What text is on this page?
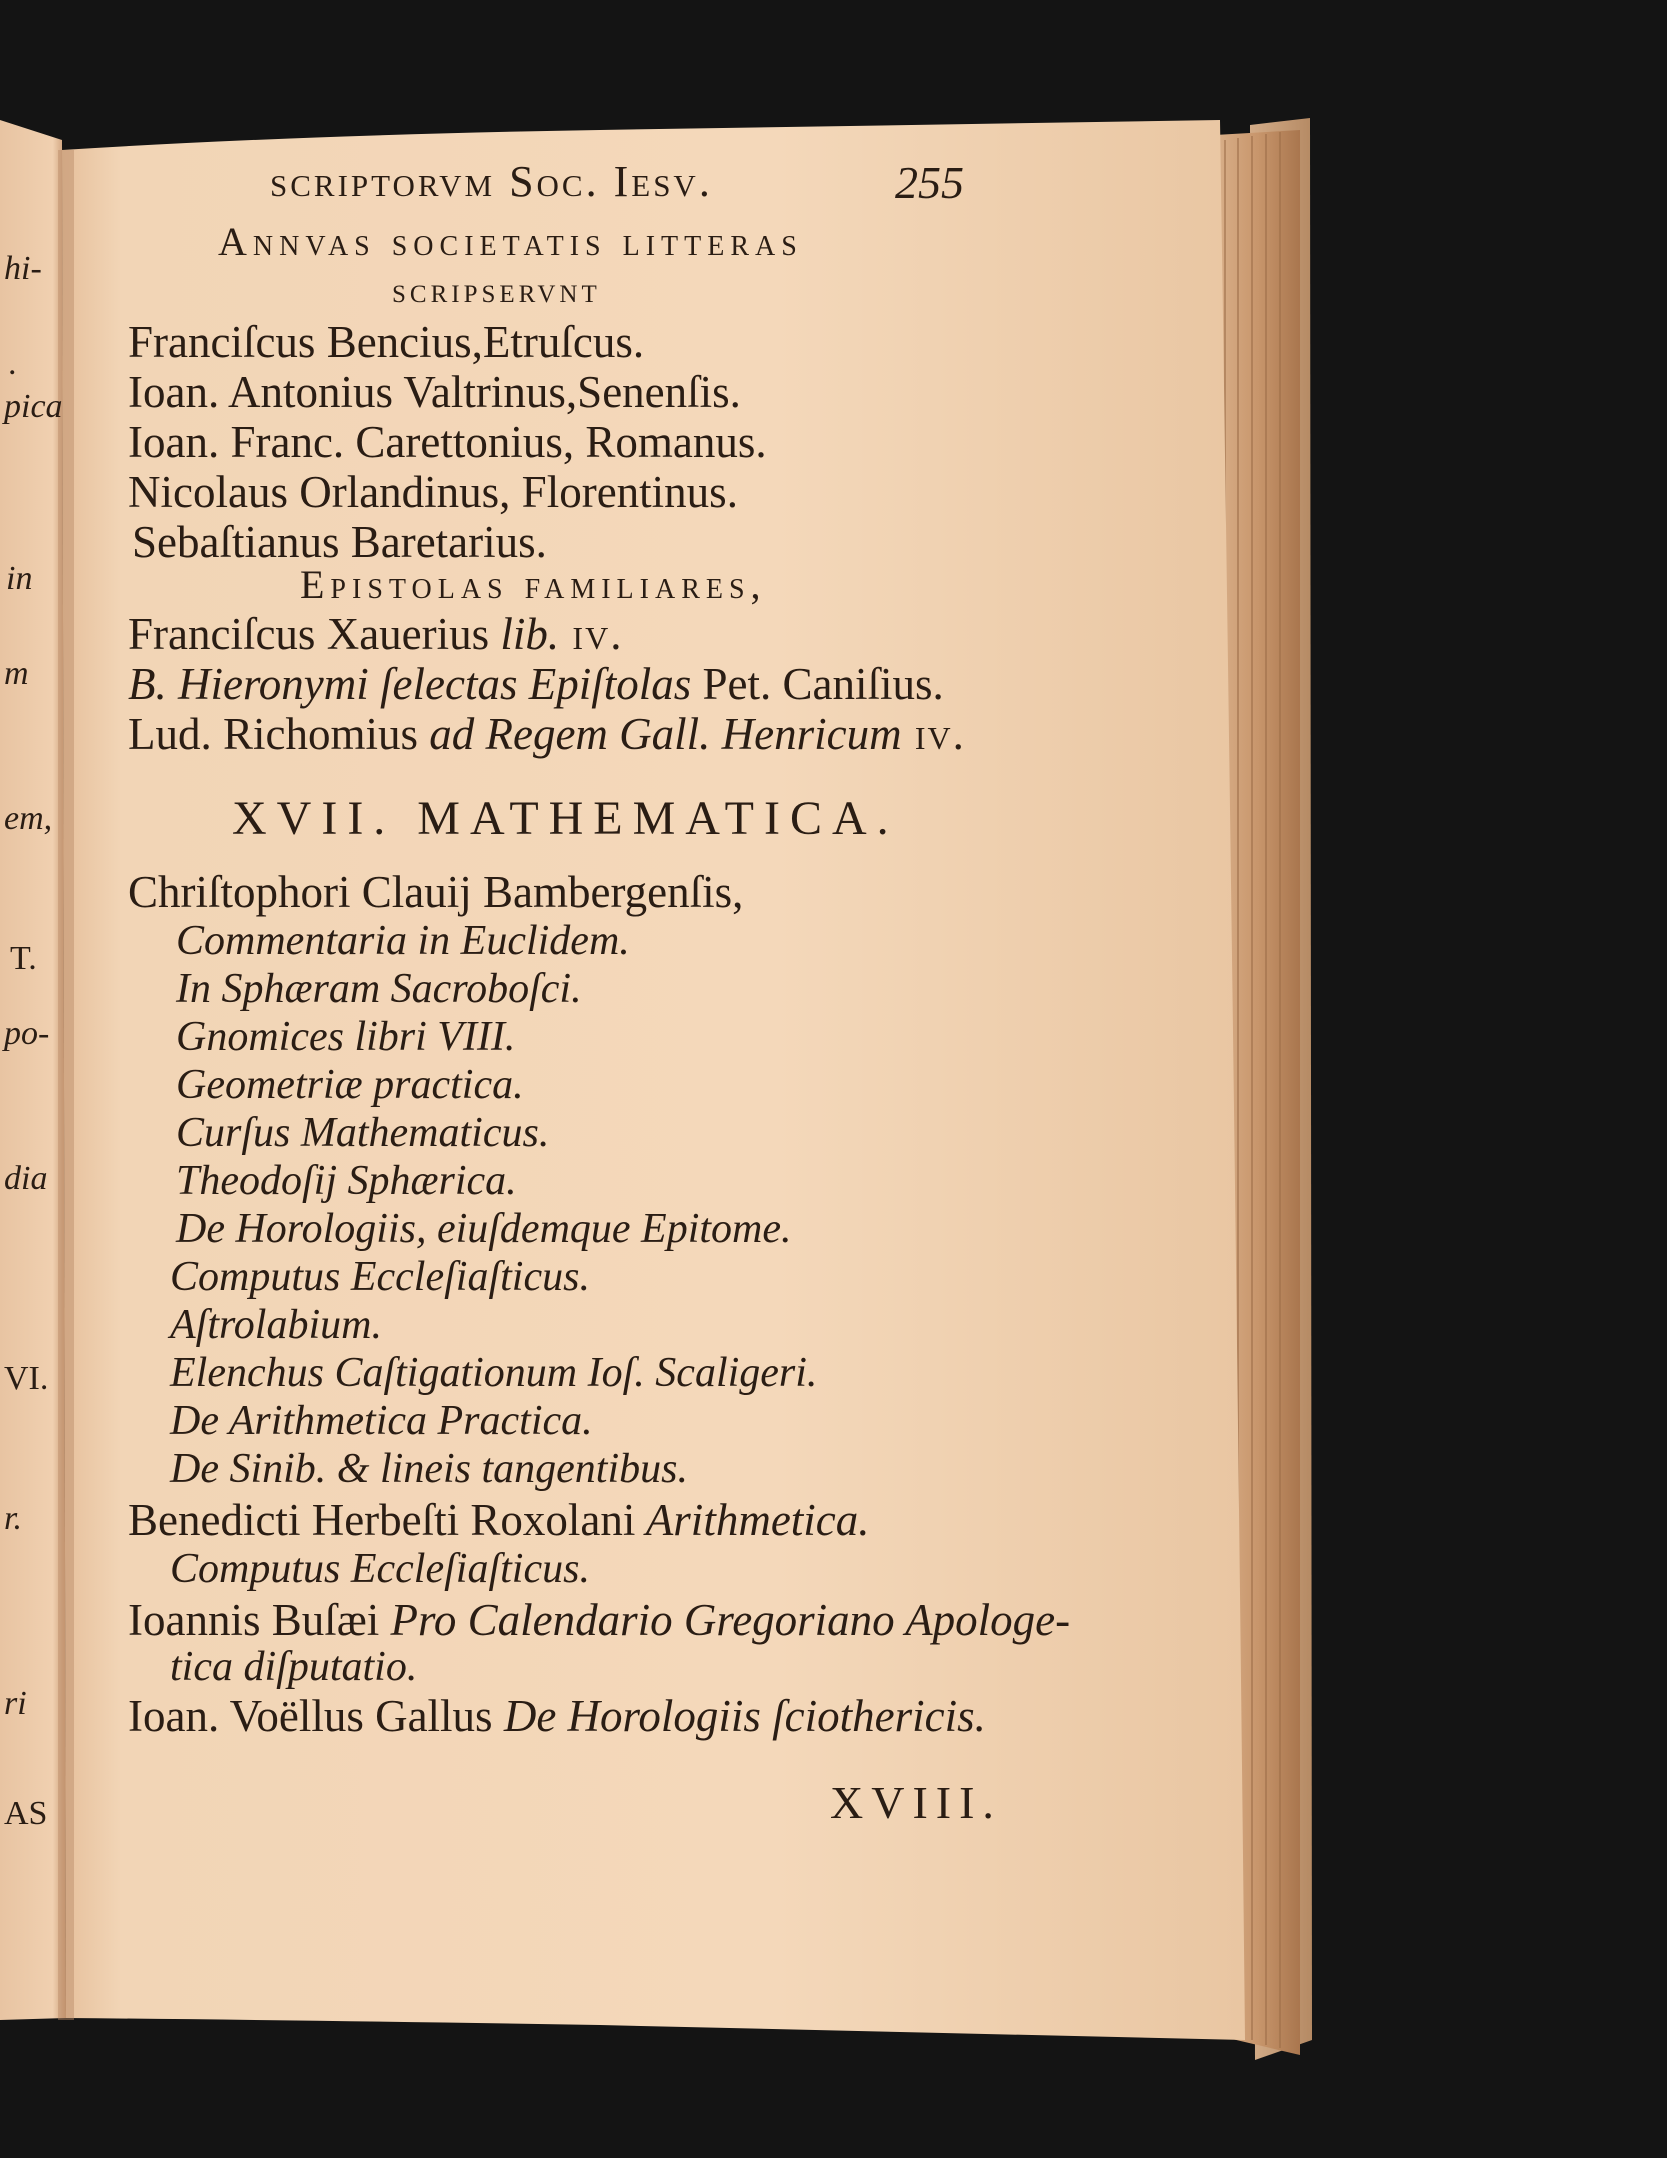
hi-
.
pica
in
m
em,
T.
po-
dia
VI.
r.
ri
AS
scriptorvm Soc. Iesv.	255
Annvas societatis litteras
scripservnt
Franciſcus Bencius,Etruſcus.
Ioan. Antonius Valtrinus,Senenſis.
Ioan. Franc. Carettonius, Romanus.
Nicolaus Orlandinus, Florentinus.
Sebaſtianus Baretarius.
Epistolas familiares,
Franciſcus Xauerius lib. iv.
B. Hieronymi ſelectas Epiſtolas Pet. Caniſius.
Lud. Richomius ad Regem Gall. Henricum iv.
XVII. MATHEMATICA.
Chriſtophori Clauij Bambergenſis,
Commentaria in Euclidem.
In Sphæram Sacroboſci.
Gnomices libri VIII.
Geometriæ practica.
Curſus Mathematicus.
Theodoſij Sphærica.
De Horologiis, eiuſdemque Epitome.
Computus Eccleſiaſticus.
Aſtrolabium.
Elenchus Caſtigationum Ioſ. Scaligeri.
De Arithmetica Practica.
De Sinib. & lineis tangentibus.
Benedicti Herbeſti Roxolani Arithmetica.
Computus Eccleſiaſticus.
Ioannis Buſæi Pro Calendario Gregoriano Apologe-
tica diſputatio.
Ioan. Voëllus Gallus De Horologiis ſciothericis.
XVIII.
